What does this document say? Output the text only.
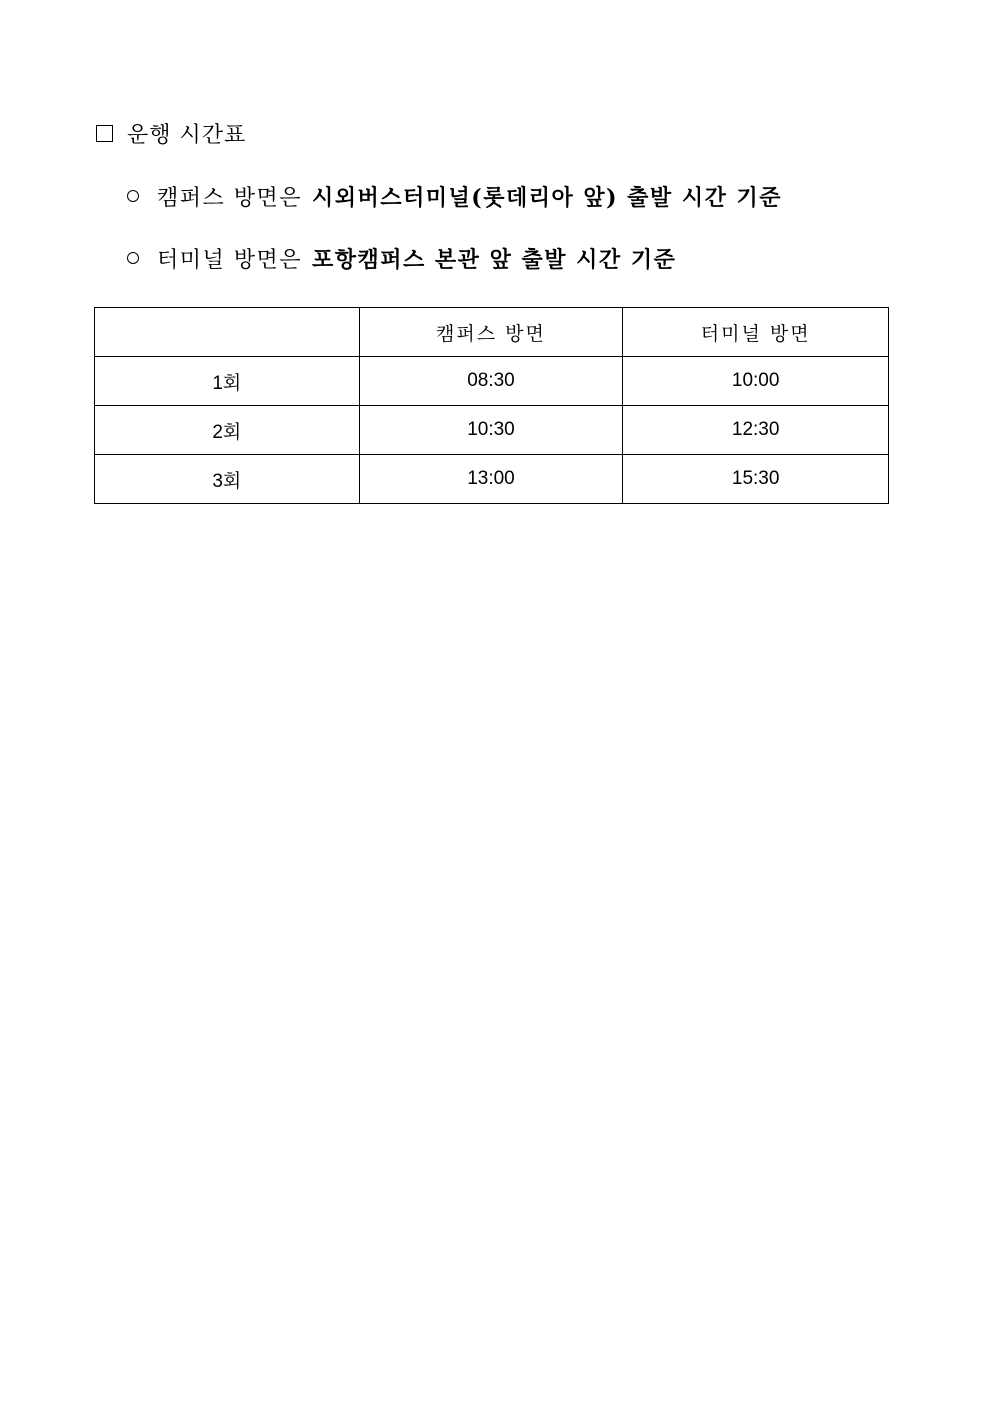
운행 시간표
캠퍼스 방면은 시외버스터미널(롯데리아 앞) 출발 시간 기준
터미널 방면은 포항캠퍼스 본관 앞 출발 시간 기준
	캠퍼스 방면	터미널 방면
1회	08:30	10:00
2회	10:30	12:30
3회	13:00	15:30
